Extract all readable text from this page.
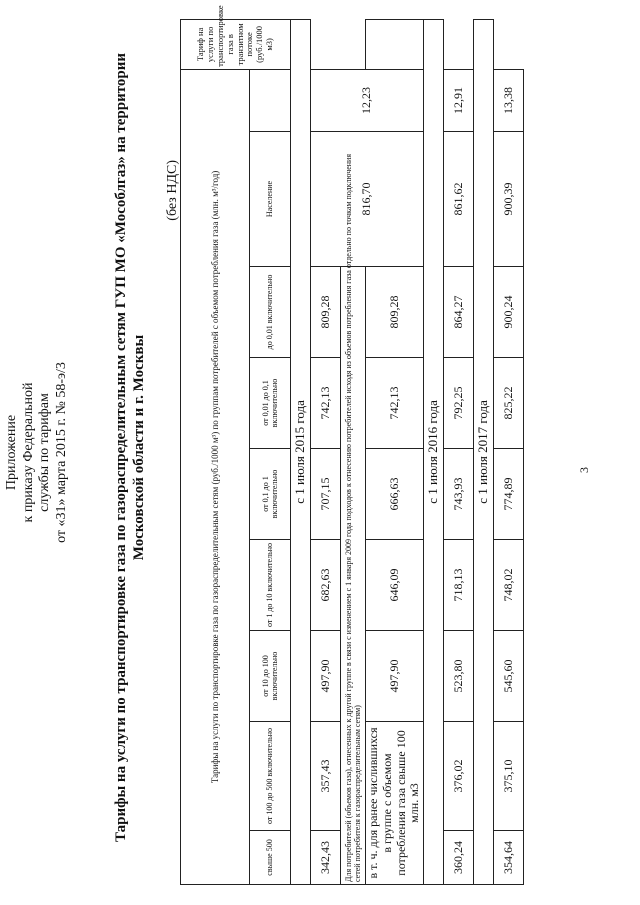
Приложение к приказу Федеральной службы по тарифам от «31» марта 2015 г. № 58-э/3	Тарифы на услуги по транспортировке газа по газораспределительным сетям ГУП МО «Мособлгаз» на территории Московской области и г. Москвы
(без НДС)	Тарифы на услуги по транспортировке газа по газораспределительным сетям (руб./1000 м³) по группам потребителей с объемом потребления газа (млн. м³/год)									Тариф на услуги по транспортировке газа в транзитном потоке (руб./1000 м3)
свыше 500	от 100 до 500 включительно	от 10 до 100 включительно	от 1 до 10 включительно	от 0,1 до 1 включительно	от 0,01 до 0,1 включительно	до 0,01 включительно	Население		
с 1 июля 2015 года									
342,43	357,43	497,90	682,63	707,15	742,13	809,28	816,70	12,23	
Для потребителей (объемов газа), отнесенных к другой группе в связи с изменением с 1 января 2009 года подходов к отнесению потребителей исходя из объемов потребления газа отдельно по точкам подключения сетей потребителя к газораспределительным сетям)									
в т. ч. для ранее числившихся в группе с объемом потребления газа свыше 100 млн. м3		497,90	646,09	666,63	742,13	809,28			
с 1 июля 2016 года									
360,24	376,02	523,80	718,13	743,93	792,25	864,27	861,62	12,91	
с 1 июля 2017 года									
354,64	375,10	545,60	748,02	774,89	825,22	900,24	900,39	13,38	
3
